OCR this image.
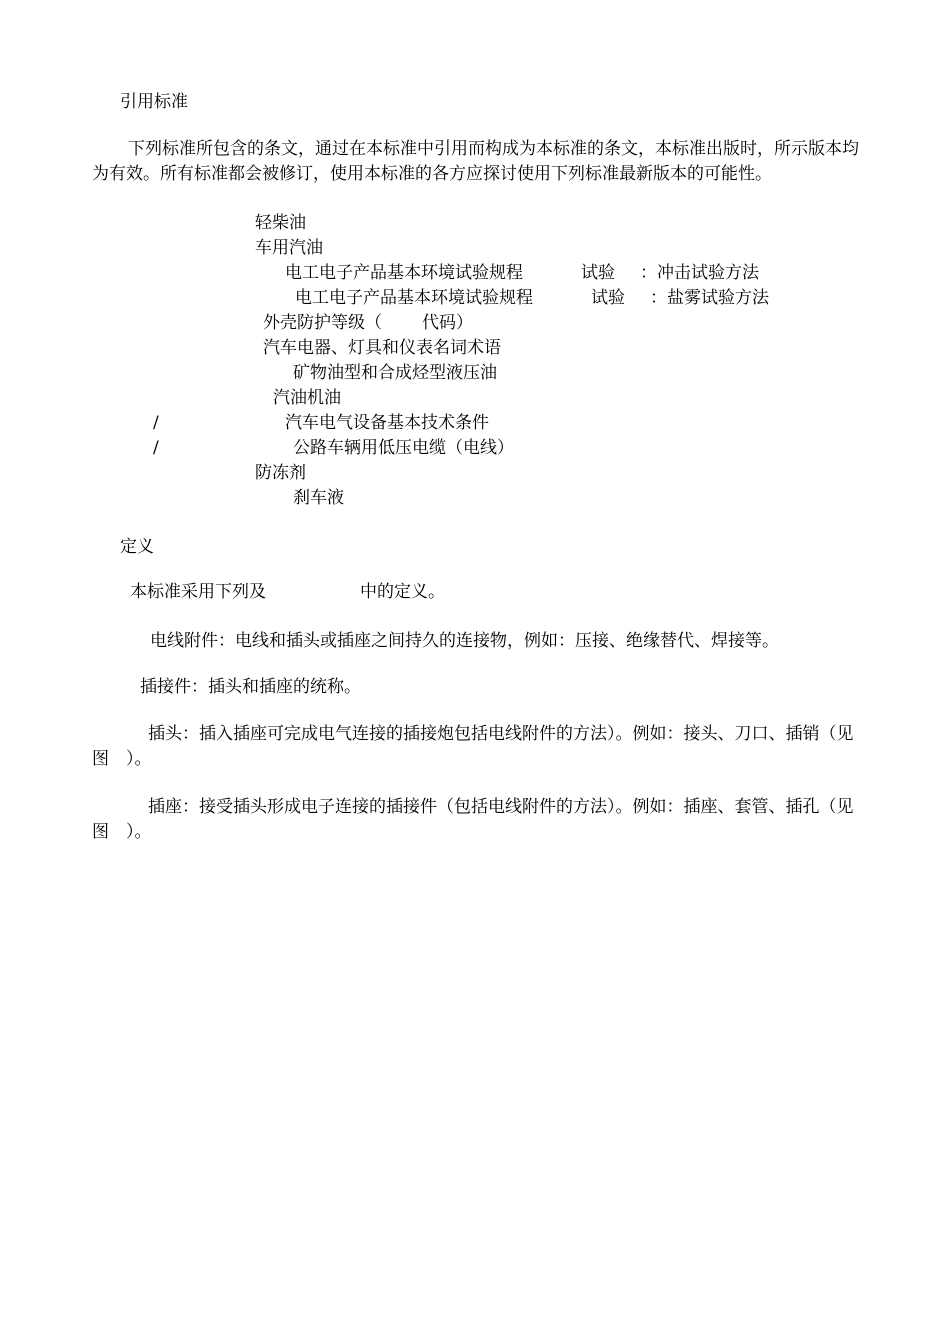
引用标准
下列标准所包含的条文，通过在本标准中引用而构成为本标准的条文，本标准出版时，所示版本均为有效。所有标准都会被修订，使用本标准的各方应探讨使用下列标准最新版本的可能性。
轻柴油
车用汽油
电工电子产品基本环境试验规程	试验 ：冲击试验方法
电工电子产品基本环境试验规程	试验 ：盐雾试验方法
外壳防护等级（ 代码）
汽车电器、灯具和仪表名词术语
矿物油型和合成烃型液压油
汽油机油
/	汽车电气设备基本技术条件
/	公路车辆用低压电缆（电线）
防冻剂
刹车液
定义
本标准采用下列及	中的定义。
电线附件：电线和插头或插座之间持久的连接物，例如：压接、绝缘替代、焊接等。
插接件：插头和插座的统称。
插头：插入插座可完成电气连接的插接炮包括电线附件的方法）。例如：接头、刀口、插销（见图　）。
插座：接受插头形成电子连接的插接件（包括电线附件的方法）。例如：插座、套管、插孔（见图　）。
